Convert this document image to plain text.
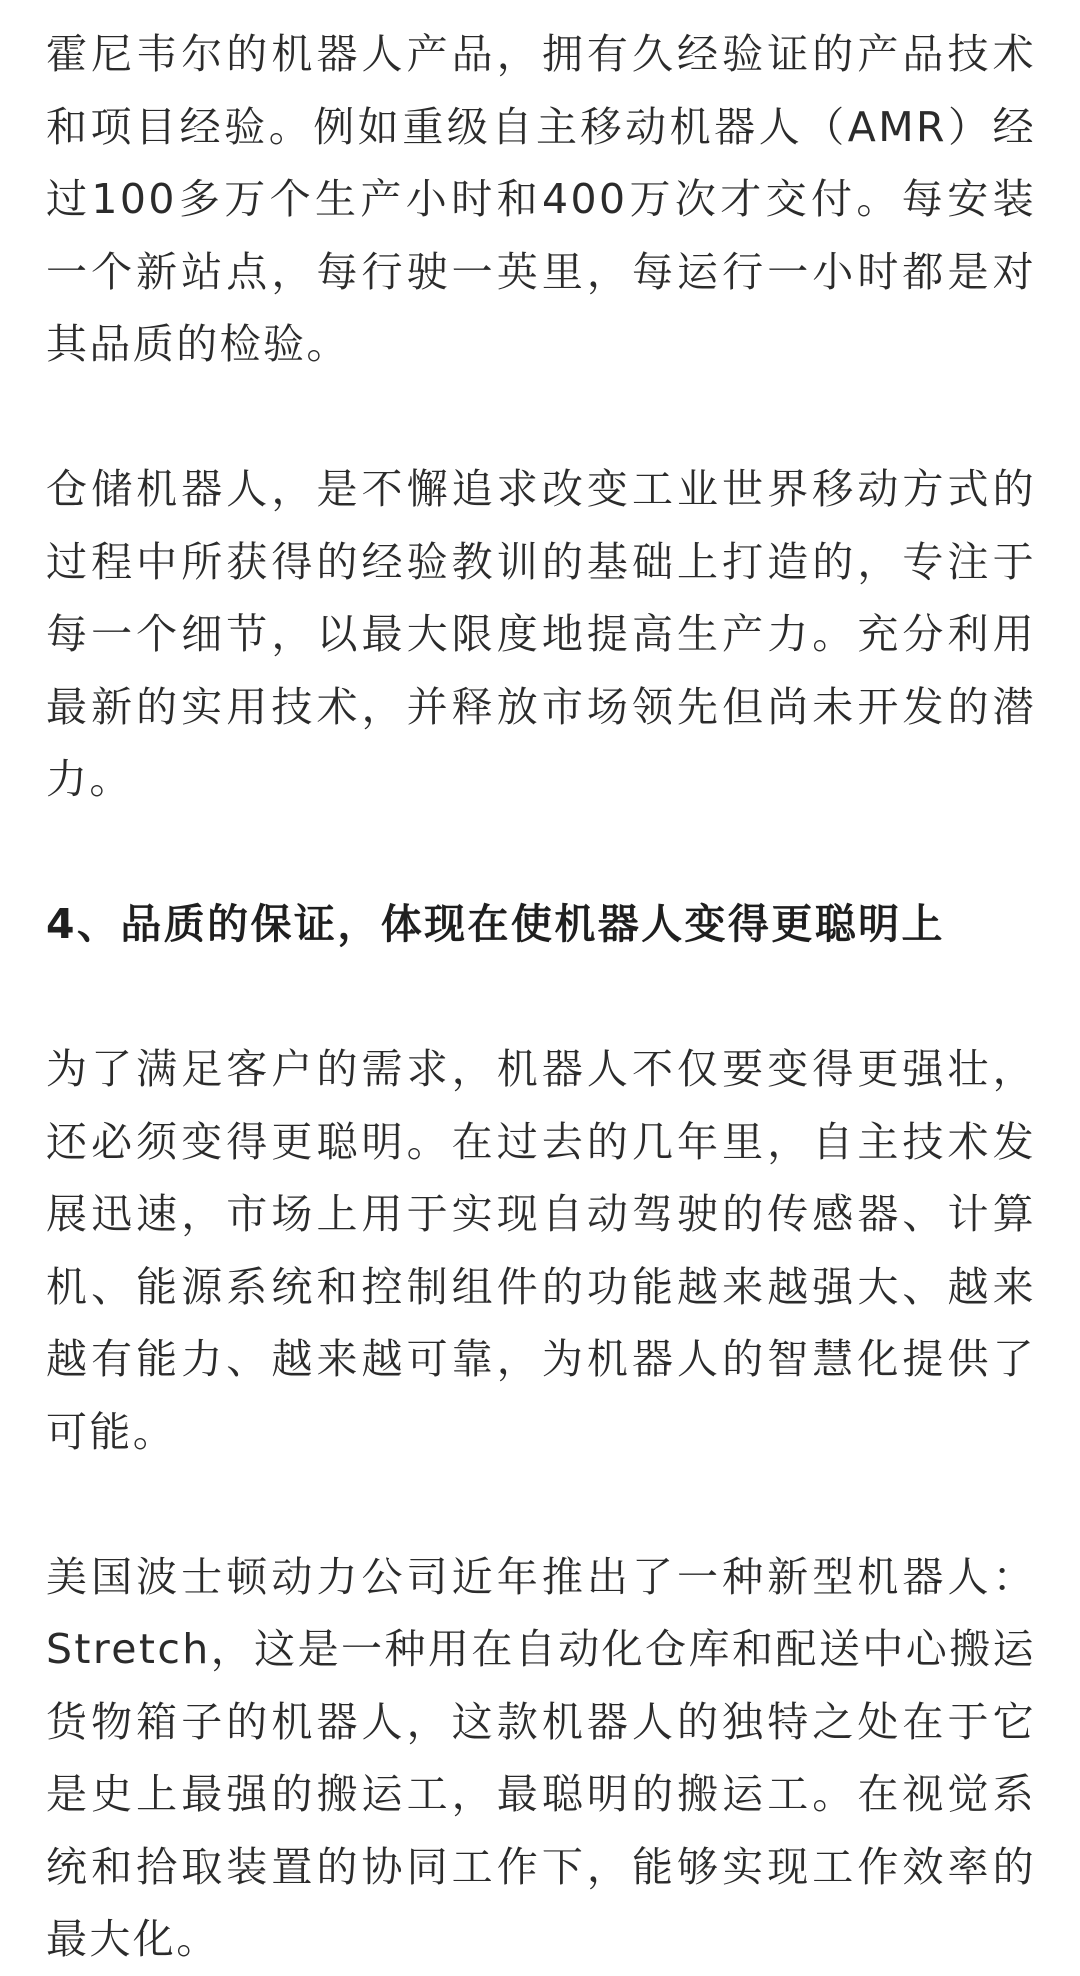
霍尼韦尔的机器人产品，拥有久经验证的产品技术和项目经验。例如重级自主移动机器人（AMR）经过100多万个生产小时和400万次才交付。每安装一个新站点，每行驶一英里，每运行一小时都是对其品质的检验。

仓储机器人，是不懈追求改变工业世界移动方式的过程中所获得的经验教训的基础上打造的，专注于每一个细节，以最大限度地提高生产力。充分利用最新的实用技术，并释放市场领先但尚未开发的潜力。

4、品质的保证，体现在使机器人变得更聪明上

为了满足客户的需求，机器人不仅要变得更强壮，还必须变得更聪明。在过去的几年里，自主技术发展迅速，市场上用于实现自动驾驶的传感器、计算机、能源系统和控制组件的功能越来越强大、越来越有能力、越来越可靠，为机器人的智慧化提供了可能。

美国波士顿动力公司近年推出了一种新型机器人：Stretch，这是一种用在自动化仓库和配送中心搬运货物箱子的机器人，这款机器人的独特之处在于它是史上最强的搬运工，最聪明的搬运工。在视觉系统和拾取装置的协同工作下，能够实现工作效率的最大化。
